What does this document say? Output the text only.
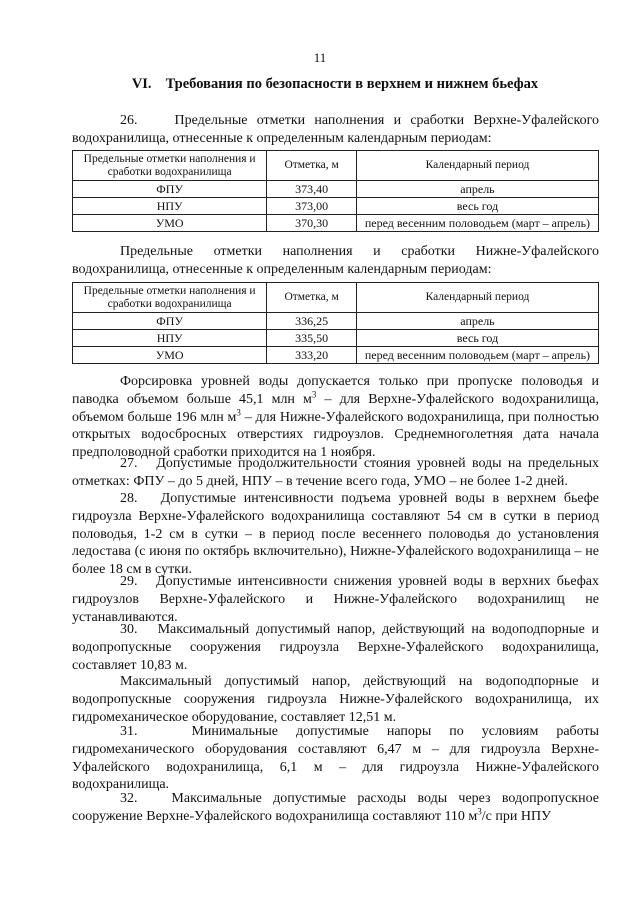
11
VI. Требования по безопасности в верхнем и нижнем бьефах
26.    Предельные отметки наполнения и сработки Верхне-Уфалейского
водохранилища, отнесенные к определенным календарным периодам:
Предельные отметки наполнения и сработки водохранилища	Отметка, м	Календарный период
ФПУ	373,40	апрель
НПУ	373,00	весь год
УМО	370,30	перед весенним половодьем (март – апрель)
Предельные отметки наполнения и сработки Нижне-Уфалейского
водохранилища, отнесенные к определенным календарным периодам:
Предельные отметки наполнения и сработки водохранилища	Отметка, м	Календарный период
ФПУ	336,25	апрель
НПУ	335,50	весь год
УМО	333,20	перед весенним половодьем (март – апрель)

Форсировка уровней воды допускается только при пропуске половодья и паводка объемом больше 45,1 млн $м^3$ – для Верхне-Уфалейского водохранилища, объемом больше 196 млн $м^3$ – для Нижне-Уфалейского водохранилища, при полностью открытых водосбросных отверстиях гидроузлов. Среднемноголетняя дата начала предполоводной сработки приходится на 1 ноября.

27.   Допустимые продолжительности стояния уровней воды на предельных отметках: ФПУ – до 5 дней, НПУ – в течение всего года, УМО – не более 1-2 дней.

28.   Допустимые интенсивности подъема уровней воды в верхнем бьефе гидроузла Верхне-Уфалейского водохранилища составляют 54 см в сутки в период половодья, 1-2 см в сутки – в период после весеннего половодья до установления ледостава (с июня по октябрь включительно), Нижне-Уфалейского водохранилища – не более 18 см в сутки.

29.   Допустимые интенсивности снижения уровней воды в верхних бьефах гидроузлов Верхне-Уфалейского и Нижне-Уфалейского водохранилищ не устанавливаются.

30.   Максимальный допустимый напор, действующий на водоподпорные и водопропускные сооружения гидроузла Верхне-Уфалейского водохранилища, составляет 10,83 м.

Максимальный допустимый напор, действующий на водоподпорные и водопропускные сооружения гидроузла Нижне-Уфалейского водохранилища, их гидромеханическое оборудование, составляет 12,51 м.

31.   Минимальные допустимые напоры по условиям работы гидромеханического оборудования составляют 6,47 м – для гидроузла Верхне-Уфалейского водохранилища, 6,1 м – для гидроузла Нижне-Уфалейского водохранилища.

32.   Максимальные допустимые расходы воды через водопропускное сооружение Верхне-Уфалейского водохранилища составляют 110 $м^3/с$ при НПУ
